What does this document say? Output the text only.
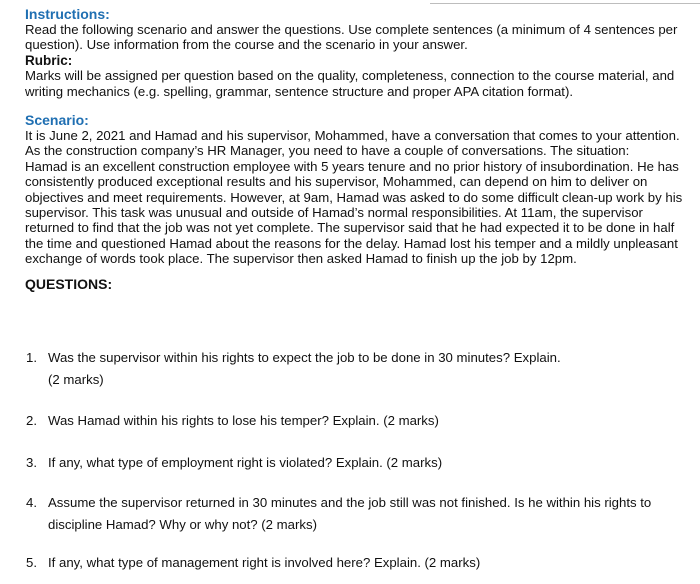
Instructions:

Read the following scenario and answer the questions. Use complete sentences (a minimum of 4 sentences per question). Use information from the course and the scenario in your answer.

Rubric:

Marks will be assigned per question based on the quality, completeness, connection to the course material, and writing mechanics (e.g. spelling, grammar, sentence structure and proper APA citation format).

Scenario:

It is June 2, 2021 and Hamad and his supervisor, Mohammed, have a conversation that comes to your attention. As the construction company’s HR Manager, you need to have a couple of conversations. The situation:

Hamad is an excellent construction employee with 5 years tenure and no prior history of insubordination. He has consistently produced exceptional results and his supervisor, Mohammed, can depend on him to deliver on objectives and meet requirements. However, at 9am, Hamad was asked to do some difficult clean-up work by his supervisor. This task was unusual and outside of Hamad’s normal responsibilities. At 11am, the supervisor returned to find that the job was not yet complete. The supervisor said that he had expected it to be done in half the time and questioned Hamad about the reasons for the delay. Hamad lost his temper and a mildly unpleasant exchange of words took place. The supervisor then asked Hamad to finish up the job by 12pm.

QUESTIONS:
1. Was the supervisor within his rights to expect the job to be done in 30 minutes? Explain.
(2 marks)
2. Was Hamad within his rights to lose his temper? Explain. (2 marks)
3. If any, what type of employment right is violated? Explain. (2 marks)
4. Assume the supervisor returned in 30 minutes and the job still was not finished. Is he within his rights to
discipline Hamad? Why or why not? (2 marks)
5. If any, what type of management right is involved here? Explain. (2 marks)
